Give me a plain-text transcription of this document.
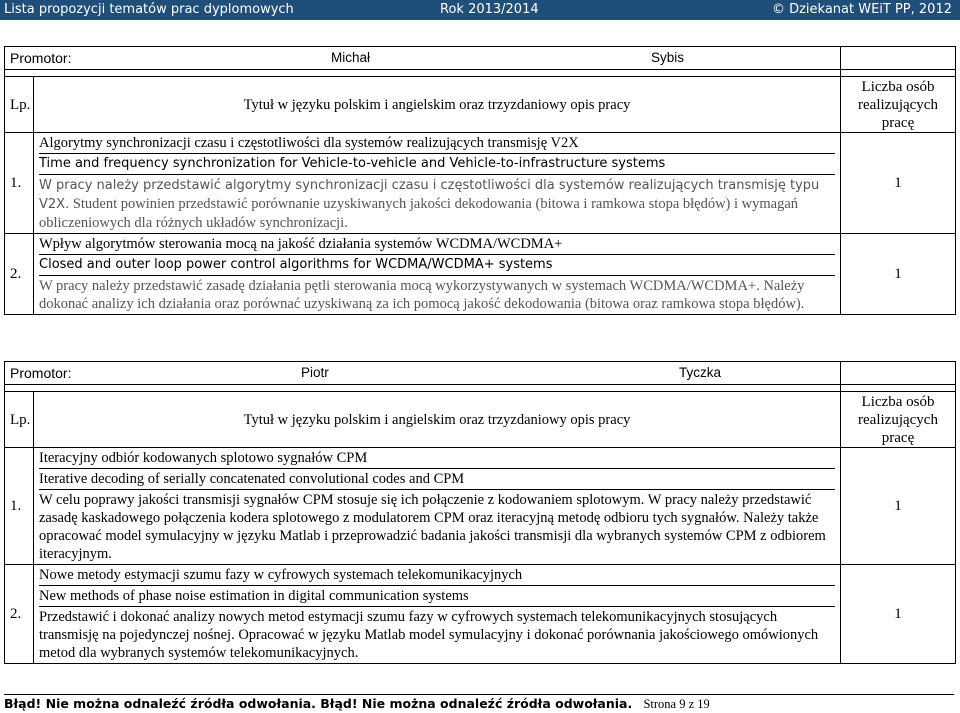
Lista propozycji tematów prac dyplomowych	Rok 2013/2014	© Dziekanat WEiT PP, 2012
Promotor: Michał Sybis		

Lp.	Tytuł w języku polskim i angielskim oraz trzyzdaniowy opis pracy	Liczba osób realizujących pracę
1.	Algorytmy synchronizacji czasu i częstotliwości dla systemów realizujących transmisję V2X
Time and frequency synchronization for Vehicle-to-vehicle and Vehicle-to-infrastructure systems
W pracy należy przedstawić algorytmy synchronizacji czasu i częstotliwości dla systemów realizujących transmisję typu V2X. Student powinien przedstawić porównanie uzyskiwanych jakości dekodowania (bitowa i ramkowa stopa błędów) i wymagań obliczeniowych dla różnych układów synchronizacji.	1
2.	Wpływ algorytmów sterowania mocą na jakość działania systemów WCDMA/WCDMA+
Closed and outer loop power control algorithms for WCDMA/WCDMA+ systems
W pracy należy przedstawić zasadę działania pętli sterowania mocą wykorzystywanych w systemach WCDMA/WCDMA+. Należy dokonać analizy ich działania oraz porównać uzyskiwaną za ich pomocą jakość dekodowania (bitowa oraz ramkowa stopa błędów).	1
Promotor: Piotr Tyczka		

Lp.	Tytuł w języku polskim i angielskim oraz trzyzdaniowy opis pracy	Liczba osób realizujących pracę
1.	Iteracyjny odbiór kodowanych splotowo sygnałów CPM
Iterative decoding of serially concatenated convolutional codes and CPM
W celu poprawy jakości transmisji sygnałów CPM stosuje się ich połączenie z kodowaniem splotowym. W pracy należy przedstawić zasadę kaskadowego połączenia kodera splotowego z modulatorem CPM oraz iteracyjną metodę odbioru tych sygnałów. Należy także opracować model symulacyjny w języku Matlab i przeprowadzić badania jakości transmisji dla wybranych systemów CPM z odbiorem iteracyjnym.	1
2.	Nowe metody estymacji szumu fazy w cyfrowych systemach telekomunikacyjnych
New methods of phase noise estimation in digital communication systems
Przedstawić i dokonać analizy nowych metod estymacji szumu fazy w cyfrowych systemach telekomunikacyjnych stosujących transmisję na pojedynczej nośnej. Opracować w języku Matlab model symulacyjny i dokonać porównania jakościowego omówionych metod dla wybranych systemów telekomunikacyjnych.	1
Błąd! Nie można odnaleźć źródła odwołania. Błąd! Nie można odnaleźć źródła odwołania. Strona 9 z 19
